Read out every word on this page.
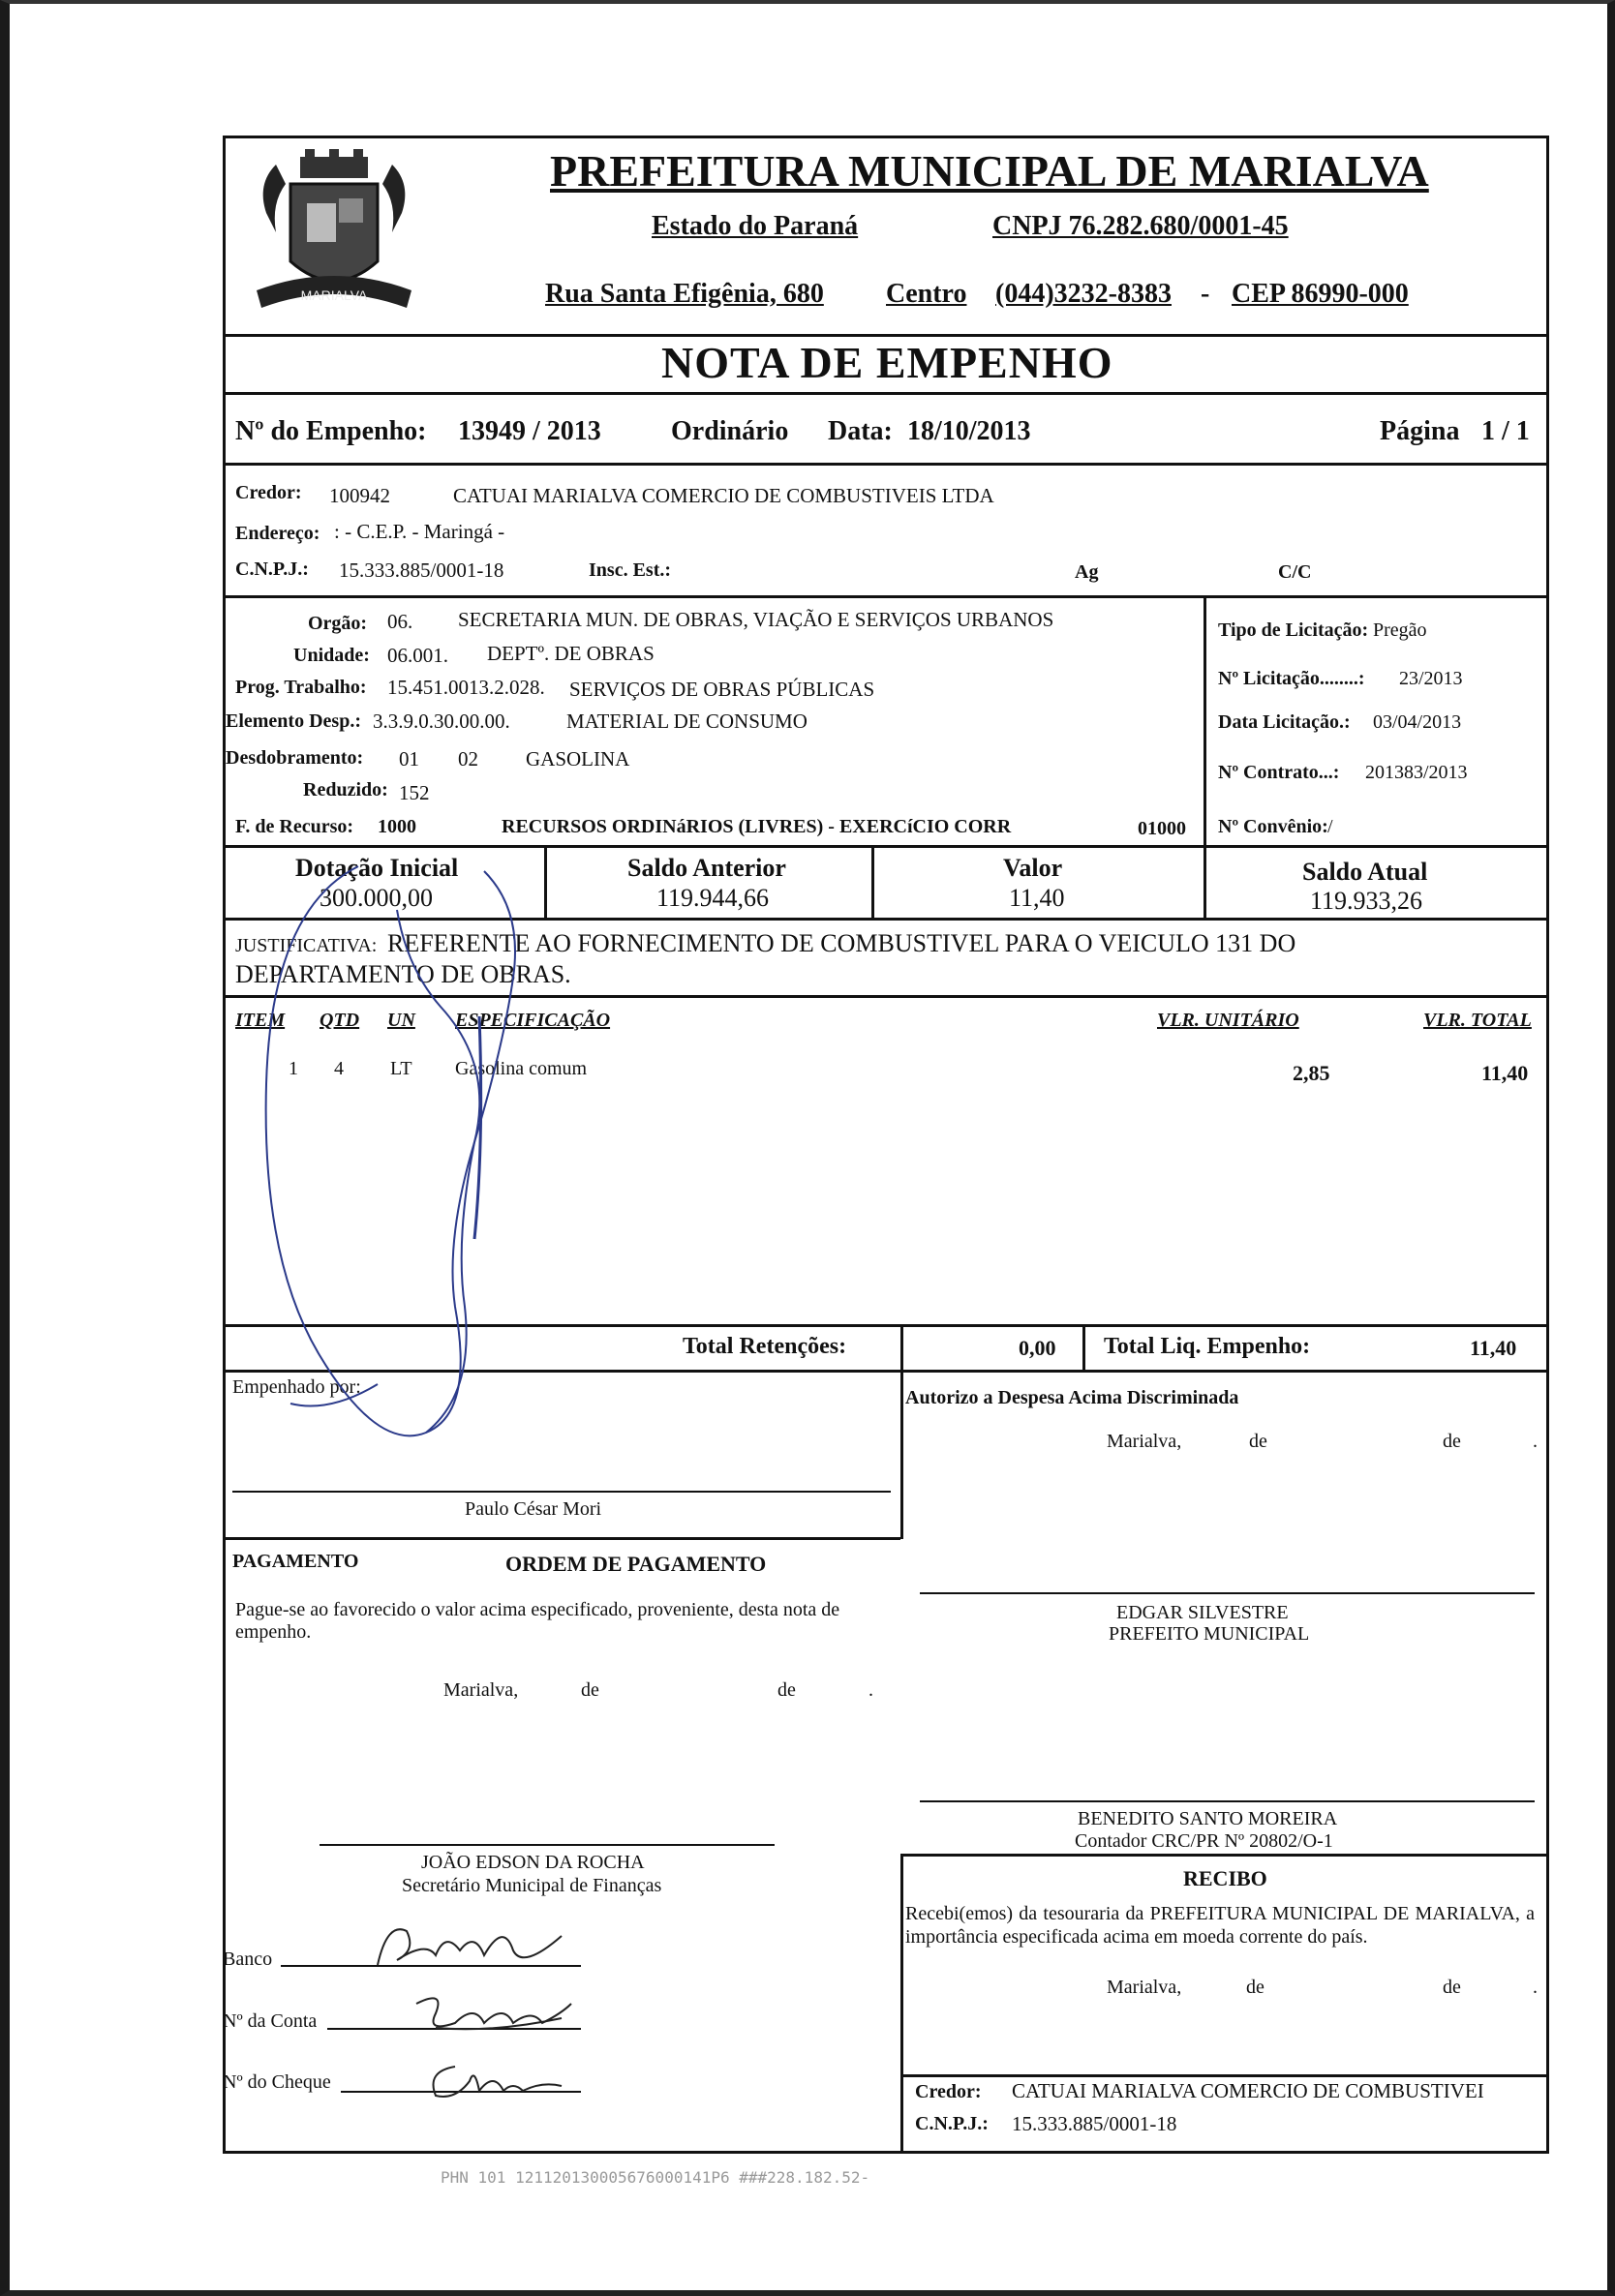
MARIALVA
PREFEITURA MUNICIPAL DE MARIALVA
Estado do Paraná	CNPJ 76.282.680/0001-45
Rua Santa Efigênia, 680 Centro (044)3232-8383 - CEP 86990-000
NOTA DE EMPENHO
Nº do Empenho: 13949 / 2013	Ordinário Data: 18/10/2013	Página 1 / 1
Credor: 100942	CATUAI MARIALVA COMERCIO DE COMBUSTIVEIS LTDA
Endereço: : - C.E.P. - Maringá -
C.N.P.J.: 15.333.885/0001-18	Insc. Est.:	Ag	C/C
Orgão: 06. SECRETARIA MUN. DE OBRAS, VIAÇÃO E SERVIÇOS URBANOS
Unidade: 06.001. DEPTº. DE OBRAS
Prog. Trabalho: 15.451.0013.2.028. SERVIÇOS DE OBRAS PÚBLICAS
Elemento Desp.: 3.3.9.0.30.00.00.	MATERIAL DE CONSUMO
Desdobramento: 01 02 GASOLINA
Reduzido: 152
F. de Recurso: 1000	RECURSOS ORDINáRIOS (LIVRES) - EXERCíCIO CORR	01000
Tipo de Licitação: Pregão
Nº Licitação........: 23/2013
Data Licitação.: 03/04/2013
Nº Contrato...: 201383/2013
Nº Convênio: /
Dotação Inicial
300.000,00
Saldo Anterior
119.944,66
Valor
11,40
Saldo Atual
119.933,26
JUSTIFICATIVA: REFERENTE AO FORNECIMENTO DE COMBUSTIVEL PARA O VEICULO 131 DO
DEPARTAMENTO DE OBRAS.
ITEM QTD UN ESPECIFICAÇÃO	VLR. UNITÁRIO	VLR. TOTAL
1 4 LT Gasolina comum	2,85	11,40
Total Retenções:	0,00 Total Liq. Empenho:	11,40
Empenhado por:
Paulo César Mori
Autorizo a Despesa Acima Discriminada
Marialva,	de	de	.
PAGAMENTO	ORDEM DE PAGAMENTO
Pague-se ao favorecido o valor acima especificado, proveniente, desta nota de empenho.
Marialva,	de	de	.
EDGAR SILVESTRE
PREFEITO MUNICIPAL
BENEDITO SANTO MOREIRA
Contador CRC/PR Nº 20802/O-1
RECIBO
Recebi(emos) da tesouraria da PREFEITURA MUNICIPAL DE MARIALVA, a importância especificada acima em moeda corrente do país.
Marialva,	de	de	.
Credor: CATUAI MARIALVA COMERCIO DE COMBUSTIVEI
C.N.P.J.: 15.333.885/0001-18
JOÃO EDSON DA ROCHA
Secretário Municipal de Finanças
Banco
Nº da Conta
Nº do Cheque
PHN 101 121120130005676000141P6 ###228.182.52-
